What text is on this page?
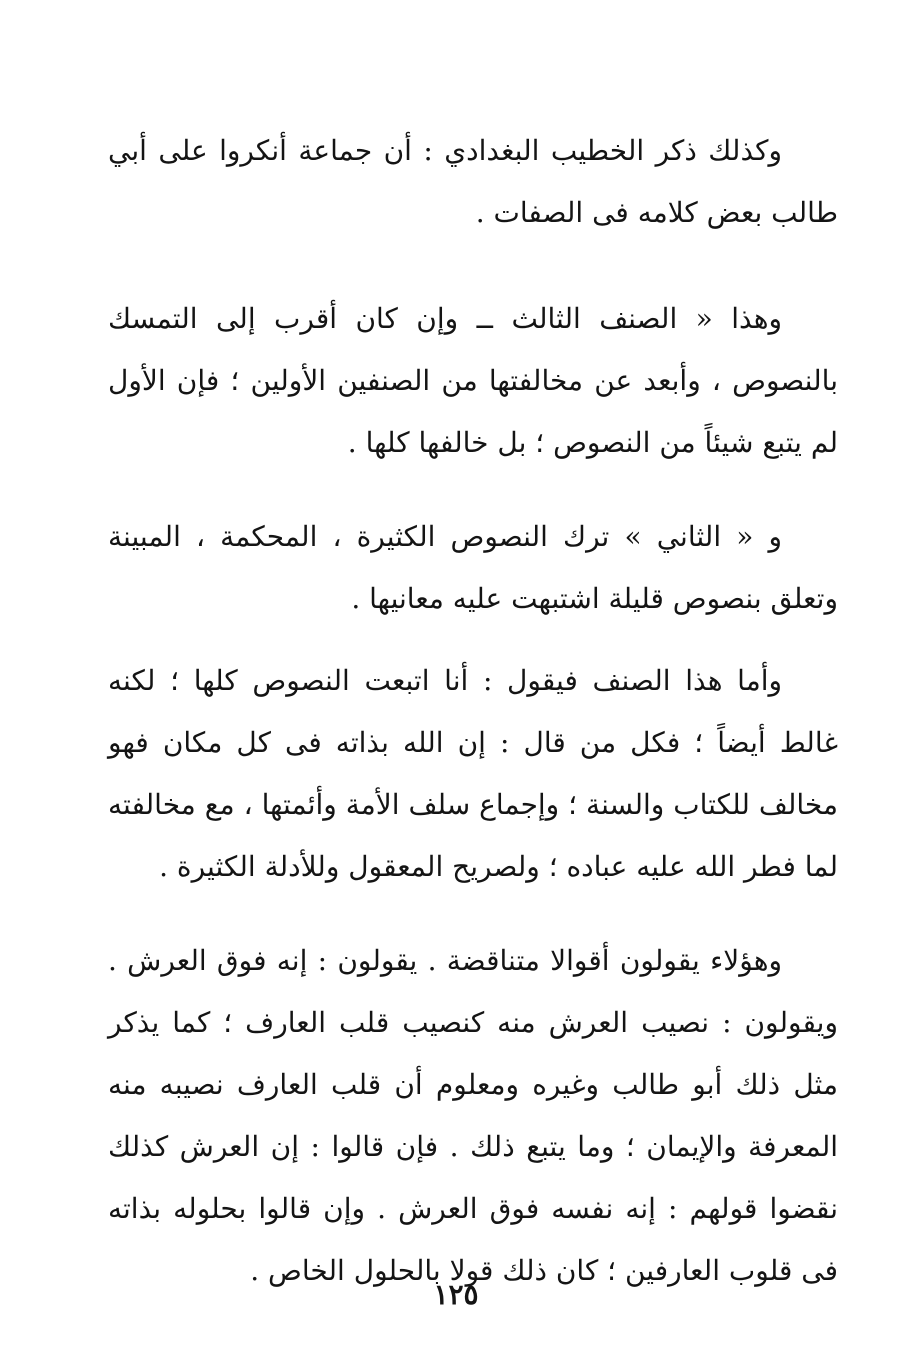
وكذلك ذكر الخطيب البغدادي : أن جماعة أنكروا على أبي طالب بعض كلامه فى الصفات .

وهذا « الصنف الثالث ــ وإن كان أقرب إلى التمسك بالنصوص ، وأبعد عن مخالفتها من الصنفين الأولين ؛ فإن الأول لم يتبع شيئاً من النصوص ؛ بل خالفها كلها .

و « الثاني » ترك النصوص الكثيرة ، المحكمة ، المبينة وتعلق بنصوص قليلة اشتبهت عليه معانيها .

وأما هذا الصنف فيقول : أنا اتبعت النصوص كلها ؛ لكنه غالط أيضاً ؛ فكل من قال : إن الله بذاته فى كل مكان فهو مخالف للكتاب والسنة ؛ وإجماع سلف الأمة وأئمتها ، مع مخالفته لما فطر الله عليه عباده ؛ ولصريح المعقول وللأدلة الكثيرة .

وهؤلاء يقولون أقوالا متناقضة . يقولون : إنه فوق العرش . ويقولون : نصيب العرش منه كنصيب قلب العارف ؛ كما يذكر مثل ذلك أبو طالب وغيره ومعلوم أن قلب العارف نصيبه منه المعرفة والإيمان ؛ وما يتبع ذلك . فإن قالوا : إن العرش كذلك نقضوا قولهم : إنه نفسه فوق العرش . وإن قالوا بحلوله بذاته فى قلوب العارفين ؛ كان ذلك قولا بالحلول الخاص .

١٢٥
